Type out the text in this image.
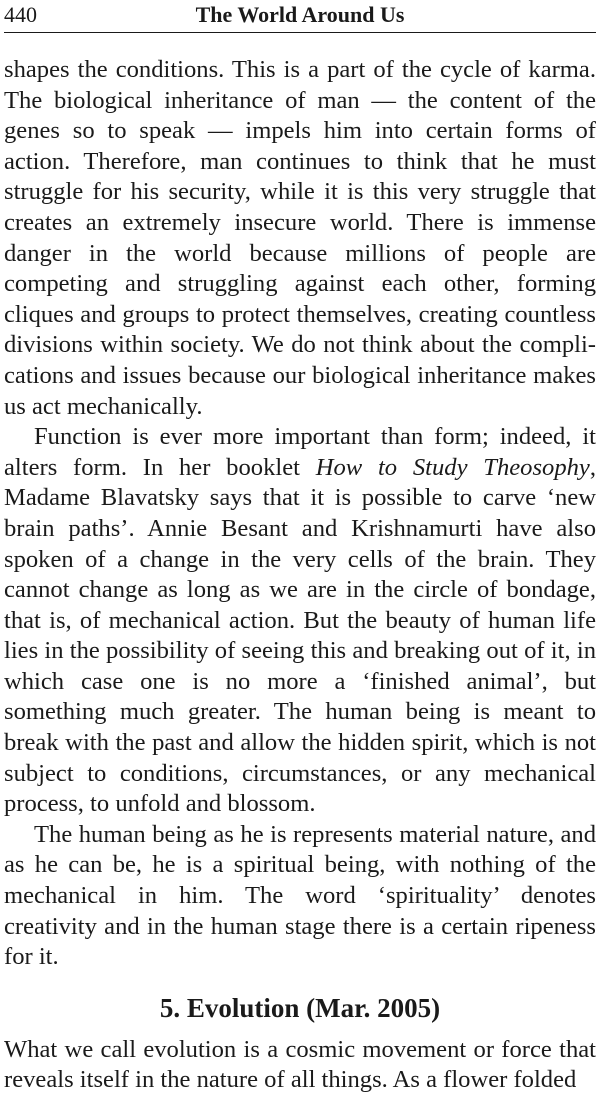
440	The World Around Us

shapes the conditions. This is a part of the cycle of karma. The biological inheritance of man — the content of the genes so to speak — impels him into certain forms of action. Therefore, man continues to think that he must struggle for his security, while it is this very struggle that creates an extremely insecure world. There is immense danger in the world because millions of people are competing and struggling against each other, forming cliques and groups to protect themselves, creating countless divisions within society. We do not think about the complications and issues because our biological inheritance makes us act mechanically.

Function is ever more important than form; indeed, it alters form. In her booklet How to Study Theosophy, Madame Blavatsky says that it is possible to carve ‘new brain paths’. Annie Besant and Krishnamurti have also spoken of a change in the very cells of the brain. They cannot change as long as we are in the circle of bondage, that is, of mechanical action. But the beauty of human life lies in the possibility of seeing this and breaking out of it, in which case one is no more a ‘finished animal’, but something much greater. The human being is meant to break with the past and allow the hidden spirit, which is not subject to conditions, circumstances, or any mechanical process, to unfold and blossom.

The human being as he is represents material nature, and as he can be, he is a spiritual being, with nothing of the mechanical in him. The word ‘spirituality’ denotes creativity and in the human stage there is a certain ripeness for it.

5. Evolution (Mar. 2005)

What we call evolution is a cosmic movement or force that reveals itself in the nature of all things. As a flower folded
